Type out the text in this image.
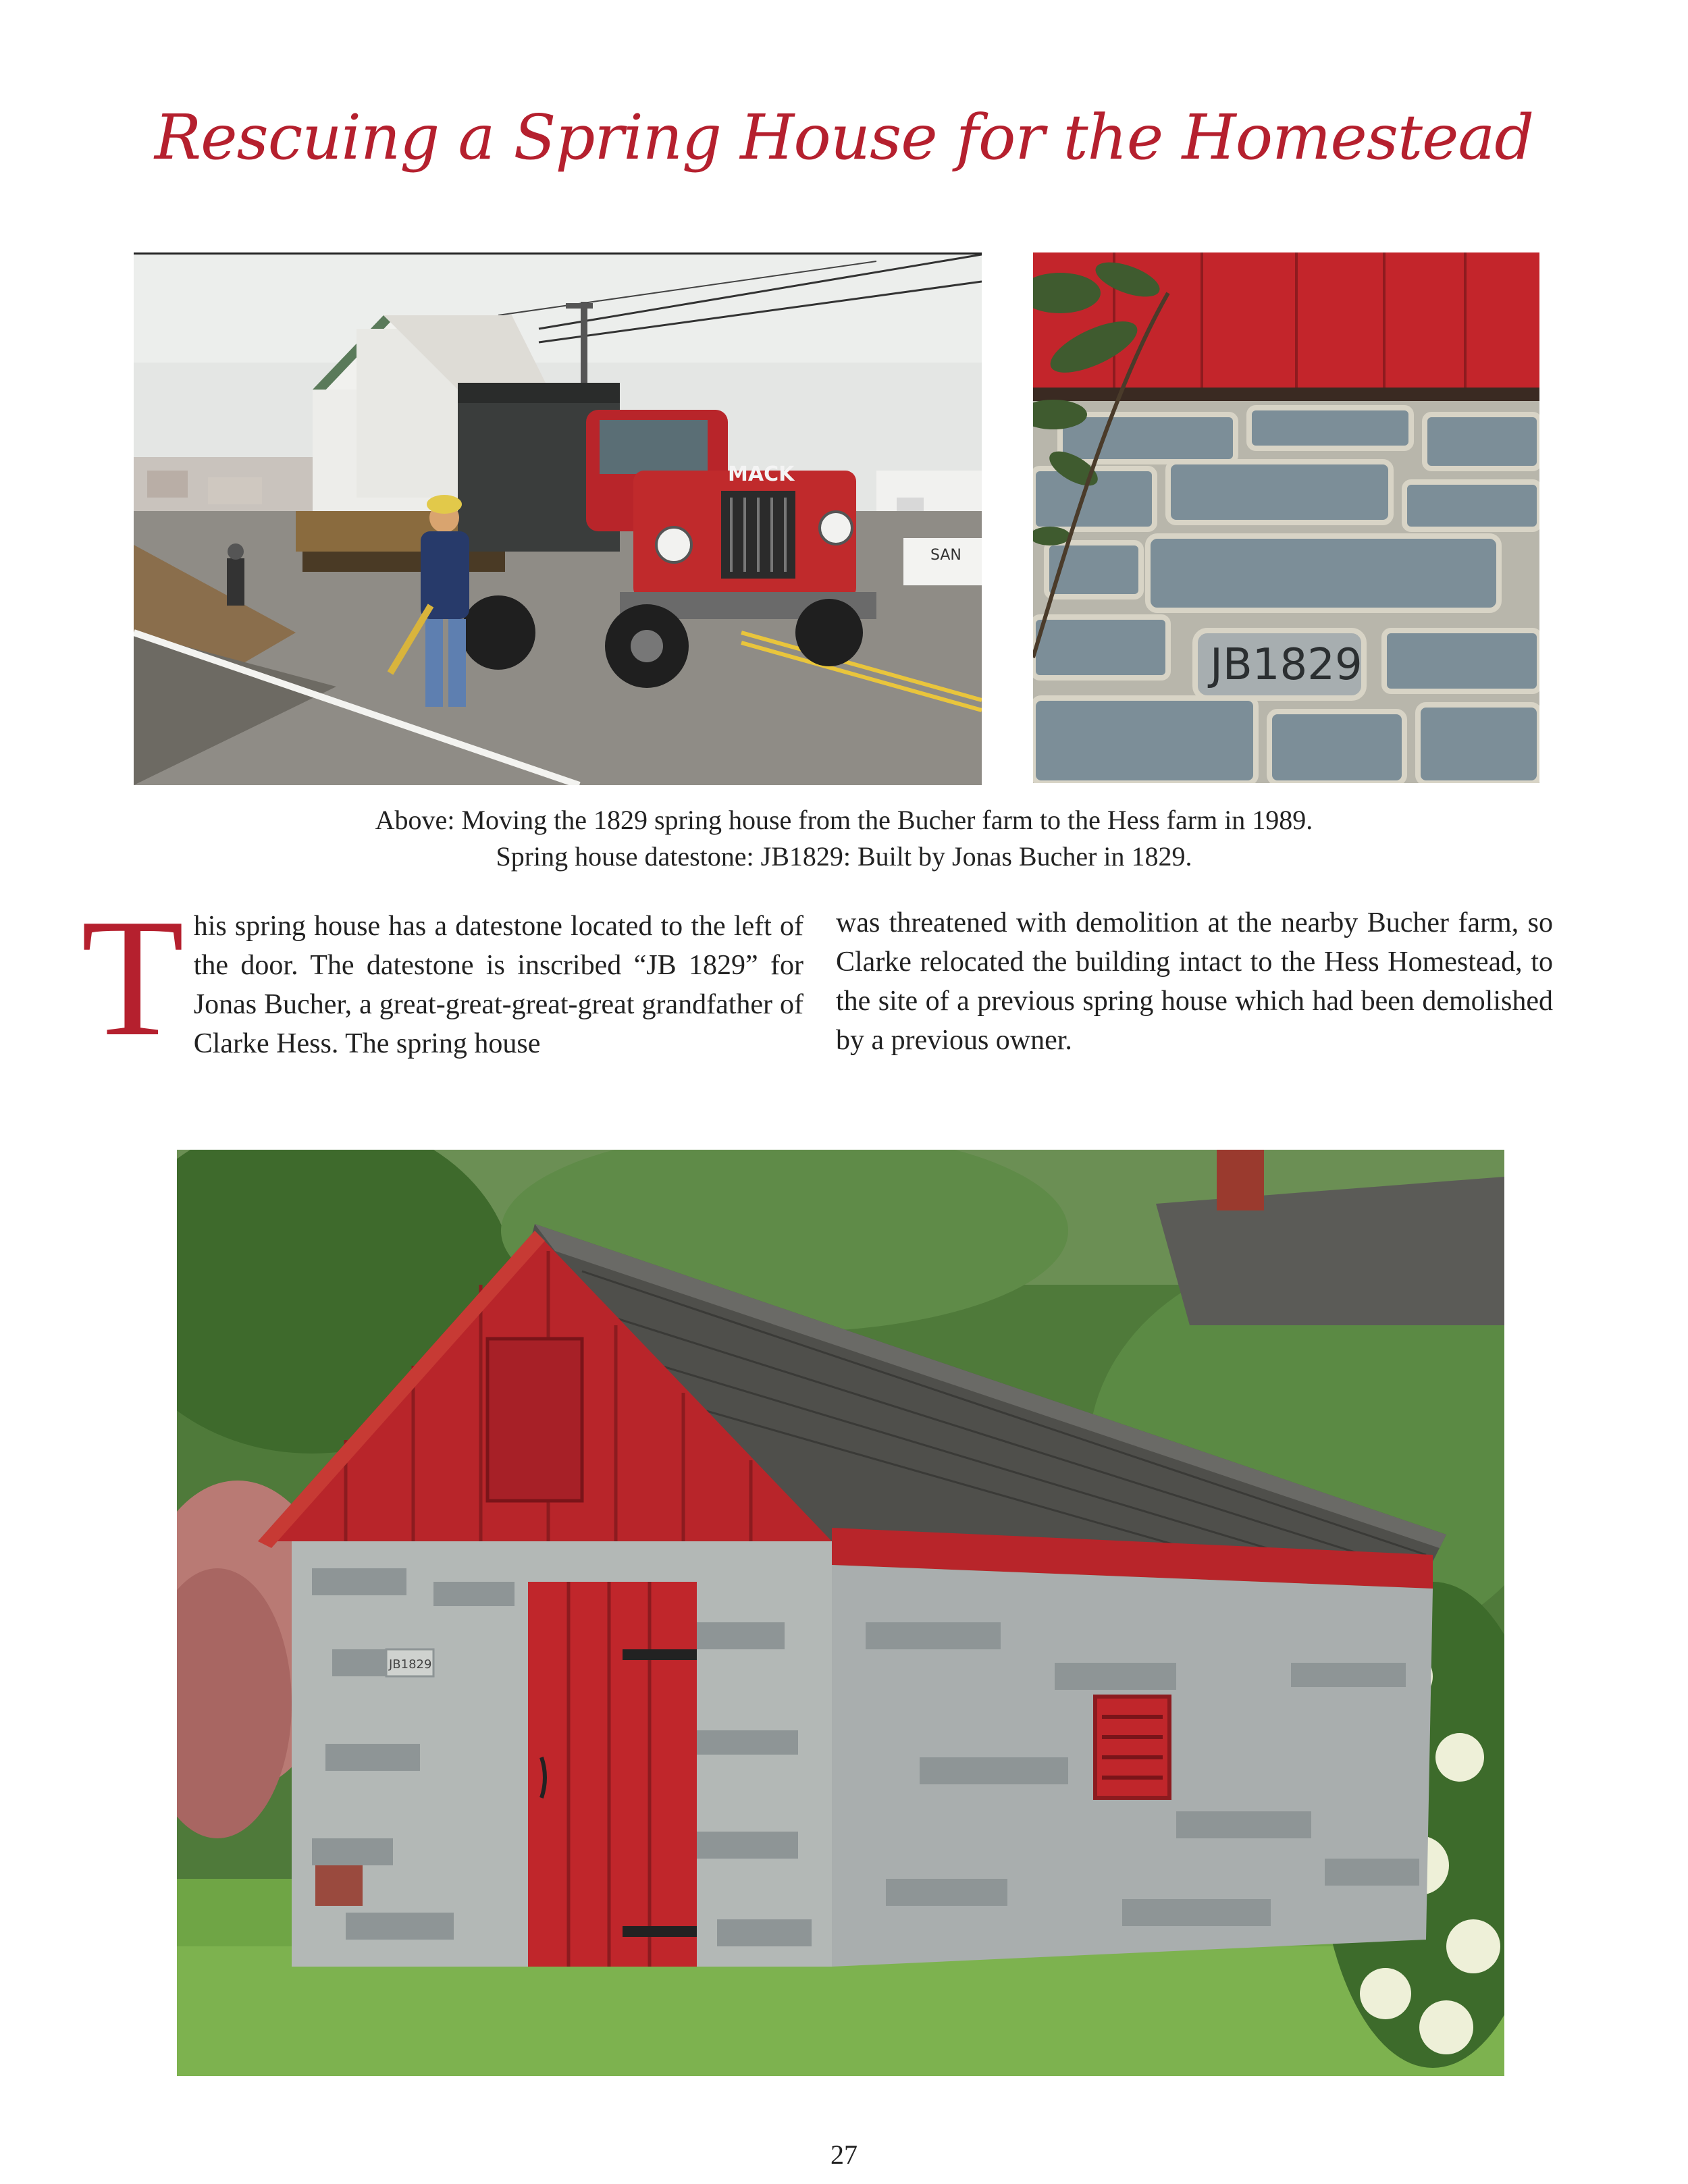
Rescuing a Spring House for the Homestead
MACK
SAN
JB1829
Above: Moving the 1829 spring house from the Bucher farm to the Hess farm in 1989.
Spring house datestone: JB1829: Built by Jonas Bucher in 1829.
This spring house has a datestone located to the left of the door. The datestone is inscribed “JB 1829” for Jonas Bucher, a great-great-great-great grandfather of Clarke Hess. The spring house
was threatened with demolition at the nearby Bucher farm, so Clarke relocated the building intact to the Hess Homestead, to the site of a previous spring house which had been demolished by a previous owner.
JB1829
27
